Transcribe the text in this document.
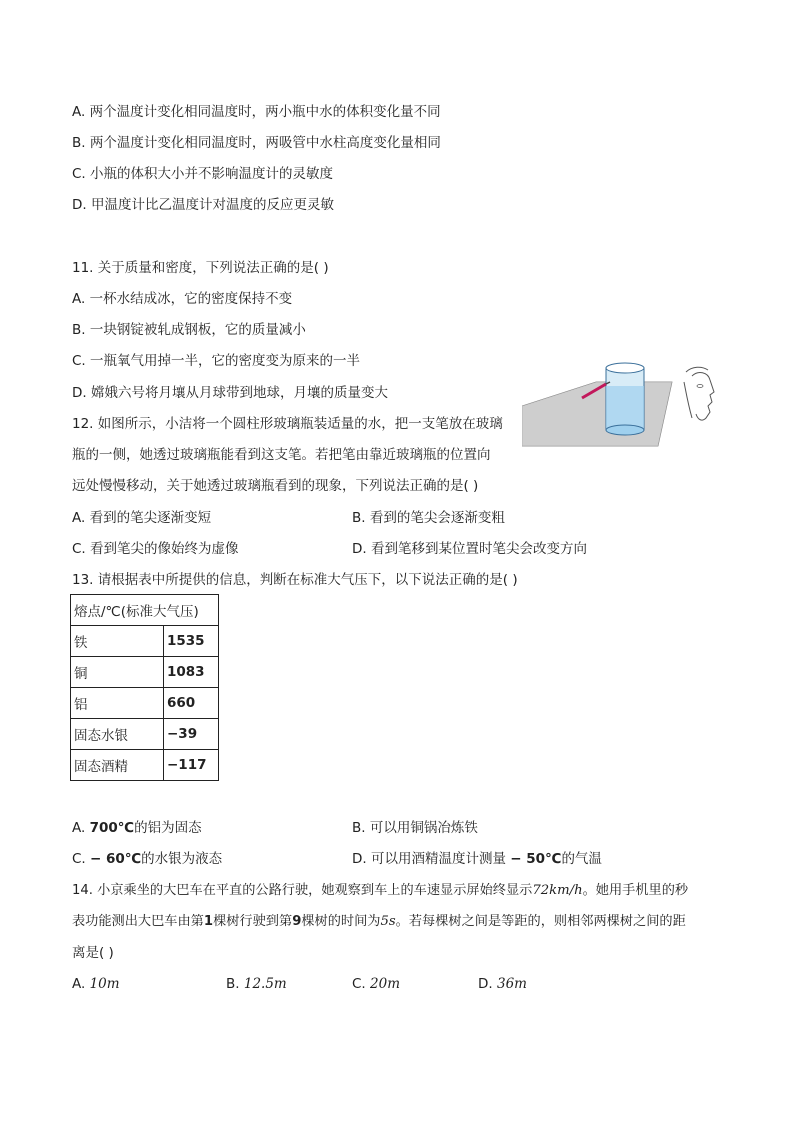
A. 两个温度计变化相同温度时，两小瓶中水的体积变化量不同
B. 两个温度计变化相同温度时，两吸管中水柱高度变化量相同
C. 小瓶的体积大小并不影响温度计的灵敏度
D. 甲温度计比乙温度计对温度的反应更灵敏
11. 关于质量和密度，下列说法正确的是( )
A. 一杯水结成冰，它的密度保持不变
B. 一块钢锭被轧成钢板，它的质量减小
C. 一瓶氧气用掉一半，它的密度变为原来的一半
D. 嫦娥六号将月壤从月球带到地球，月壤的质量变大
12. 如图所示，小洁将一个圆柱形玻璃瓶装适量的水，把一支笔放在玻璃
瓶的一侧，她透过玻璃瓶能看到这支笔。若把笔由靠近玻璃瓶的位置向
远处慢慢移动，关于她透过玻璃瓶看到的现象，下列说法正确的是( )
A. 看到的笔尖逐渐变短	B. 看到的笔尖会逐渐变粗
C. 看到笔尖的像始终为虚像	D. 看到笔移到某位置时笔尖会改变方向
13. 请根据表中所提供的信息，判断在标准大气压下，以下说法正确的是( )
熔点/℃(标准大气压)	
铁	1535
铜	1083
铝	660
固态水银	−39
固态酒精	−117
A. 700℃的铝为固态	B. 可以用铜锅冶炼铁
C. − 60℃的水银为液态	D. 可以用酒精温度计测量 − 50℃的气温
14. 小京乘坐的大巴车在平直的公路行驶，她观察到车上的车速显示屏始终显示72km/h。她用手机里的秒
表功能测出大巴车由第1棵树行驶到第9棵树的时间为5s。若每棵树之间是等距的，则相邻两棵树之间的距
离是( )
A. 10m	B. 12.5m	C. 20m	D. 36m
